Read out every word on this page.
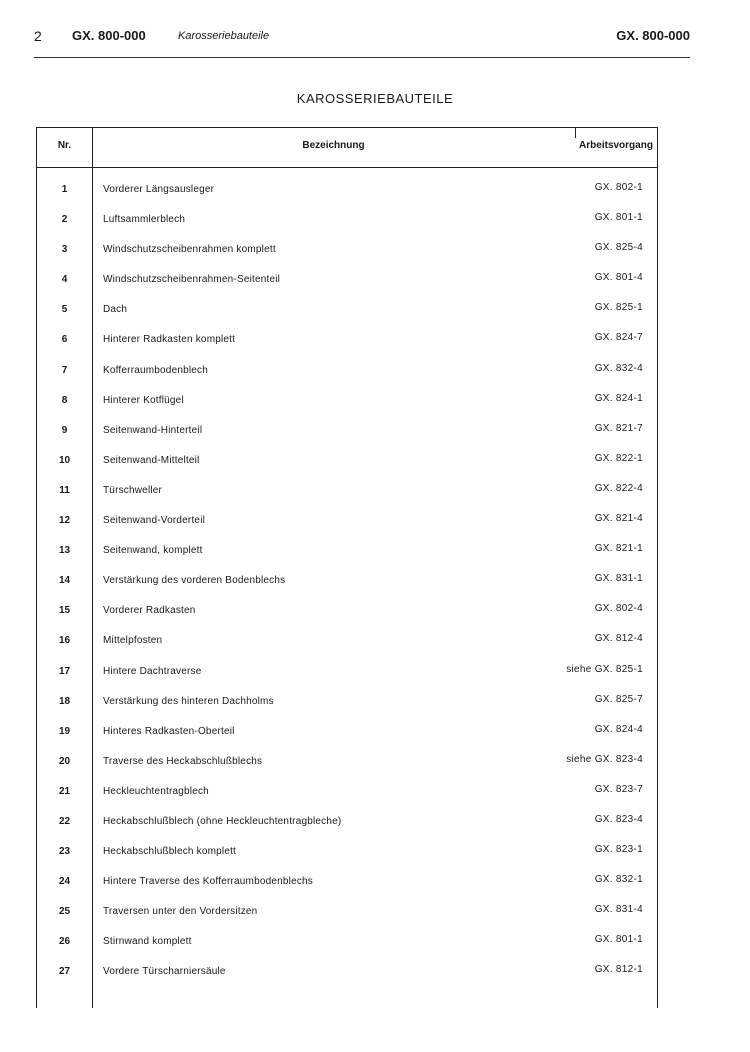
2 GX. 800-000	Karosseriebauteile	GX. 800-000
KAROSSERIEBAUTEILE
Nr.	Bezeichnung	Arbeitsvorgang
1	Vorderer Längsausleger	GX. 802-1
2	Luftsammlerblech	GX. 801-1
3	Windschutzscheibenrahmen komplett	GX. 825-4
4	Windschutzscheibenrahmen-Seitenteil	GX. 801-4
5	Dach	GX. 825-1
6	Hinterer Radkasten komplett	GX. 824-7
7	Kofferraumbodenblech	GX. 832-4
8	Hinterer Kotflügel	GX. 824-1
9	Seitenwand-Hinterteil	GX. 821-7
10	Seitenwand-Mittelteil	GX. 822-1
11	Türschweller	GX. 822-4
12	Seitenwand-Vorderteil	GX. 821-4
13	Seitenwand, komplett	GX. 821-1
14	Verstärkung des vorderen Bodenblechs	GX. 831-1
15	Vorderer Radkasten	GX. 802-4
16	Mittelpfosten	GX. 812-4
17	Hintere Dachtraverse	siehe GX. 825-1
18	Verstärkung des hinteren Dachholms	GX. 825-7
19	Hinteres Radkasten-Oberteil	GX. 824-4
20	Traverse des Heckabschlußblechs	siehe GX. 823-4
21	Heckleuchtentragblech	GX. 823-7
22	Heckabschlußblech (ohne Heckleuchtentragbleche)	GX. 823-4
23	Heckabschlußblech komplett	GX. 823-1
24	Hintere Traverse des Kofferraumbodenblechs	GX. 832-1
25	Traversen unter den Vordersitzen	GX. 831-4
26	Stirnwand komplett	GX. 801-1
27	Vordere Türscharniersäule	GX. 812-1
